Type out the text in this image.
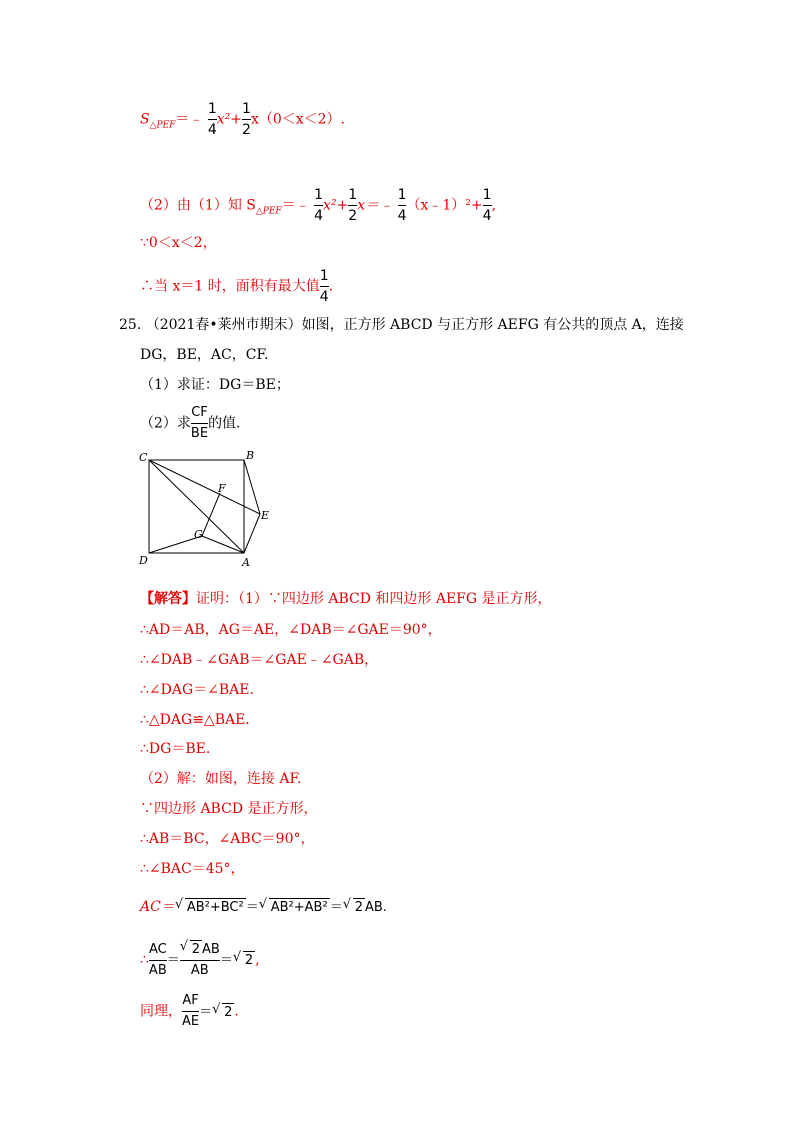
$S_{\triangle PEF}=﹣ \frac{1}{4} x^2+ \frac{1}{2} x(0<x<2)$.
（2）由（1）知 $S_{\triangle PEF}=﹣ \frac{1}{4} x^2+ \frac{1}{2}$ x＝﹣ $\frac{1}{4}$ （x﹣1）²+ $\frac{1}{4}$ ,
∵0＜x＜2，
∴当 x＝1 时，面积有最大值 $\frac{1}{4}$ .
25. （2021春•莱州市期末）如图，正方形 ABCD 与正方形 AEFG 有公共的顶点 A，连接
DG，BE，AC，CF.
（1）求证：DG＝BE；
（2）求 $\frac{CF}{BE}$ 的值.
C	B
F
E
G
D	A
【解答】证明：（1）∵四边形 ABCD 和四边形 AEFG 是正方形，
∴AD＝AB，AG＝AE，∠DAB＝∠GAE＝90°，
∴∠DAB﹣∠GAB＝∠GAE﹣∠GAB，
∴∠DAG＝∠BAE.
∴△DAG≌△BAE.
∴DG＝BE.
（2）解：如图，连接 AF.
∵四边形 ABCD 是正方形，
∴AB＝BC，∠ABC＝90°，
∴∠BAC＝45°，
AC＝ √ AB²+BC² ＝ √ AB²+AB² ＝ √ 2 AB.
∴ $\frac{AC}{AB} = \frac{√ 2 AB}{AB}$ ＝ √ 2 ,
同理， $\frac{AF}{AE}$ ＝ √ 2 .
